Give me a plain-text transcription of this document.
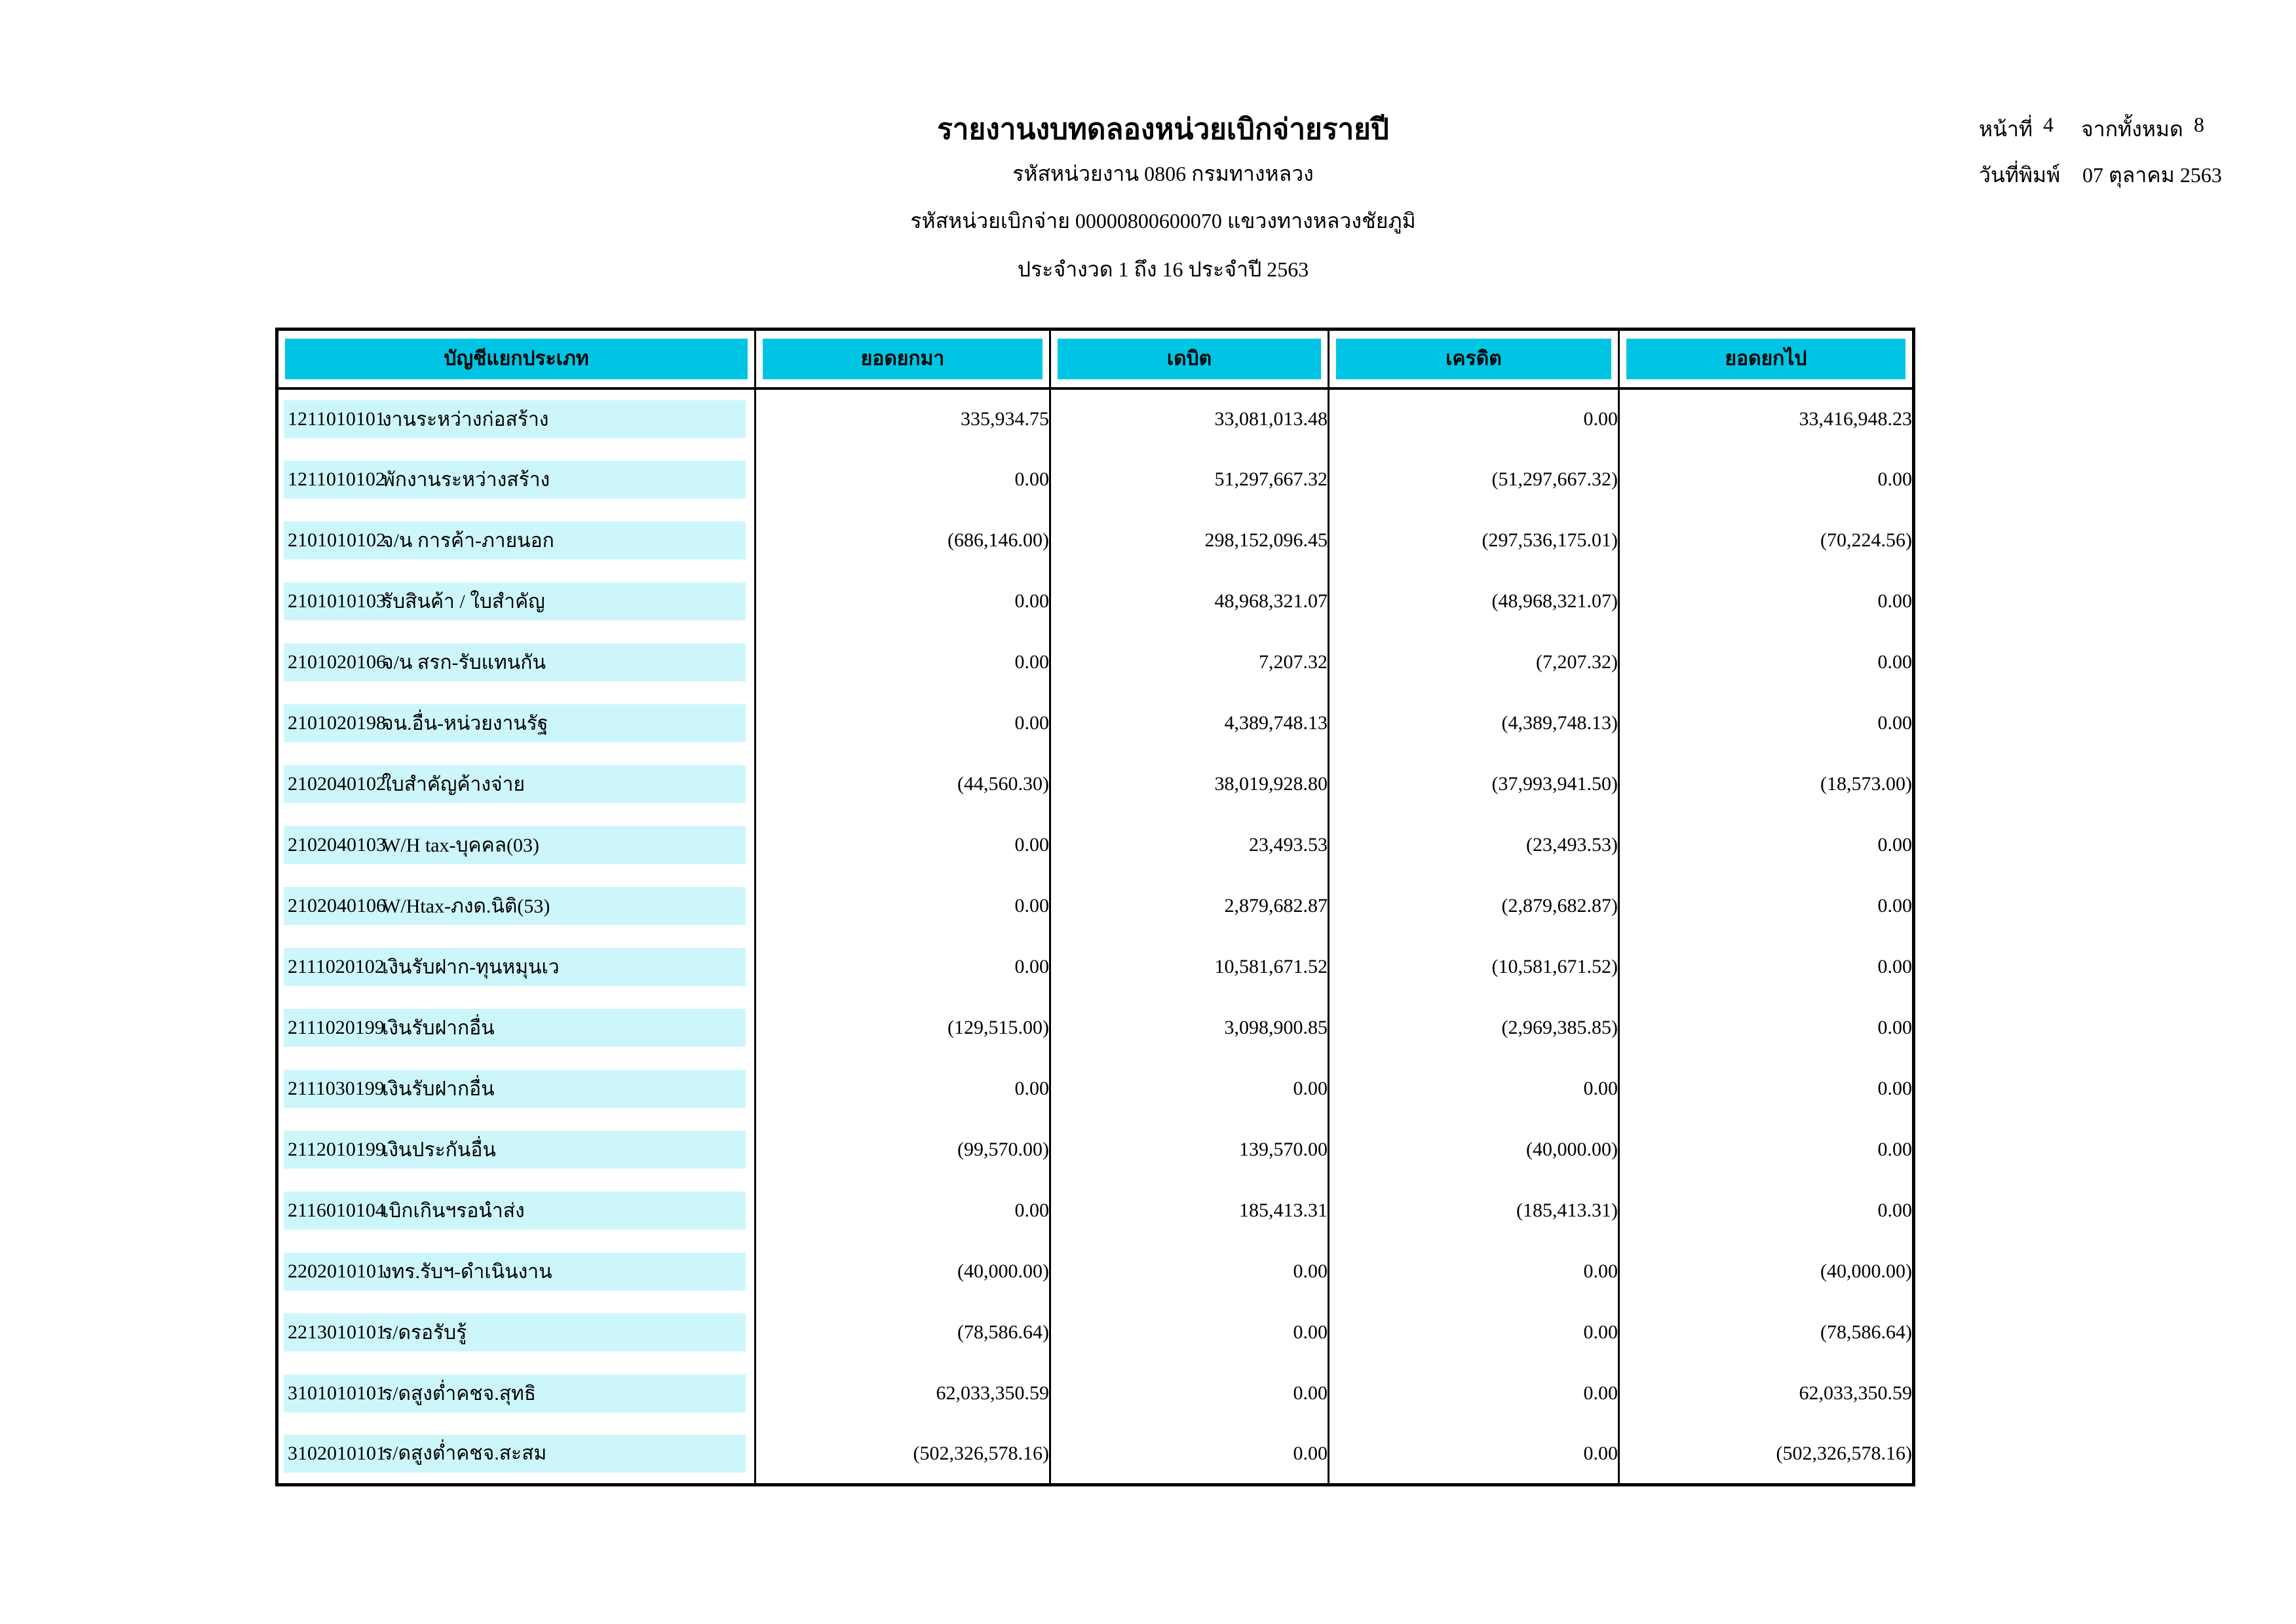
รายงานงบทดลองหน่วยเบิกจ่ายรายปี
รหัสหน่วยงาน 0806 กรมทางหลวง
รหัสหน่วยเบิกจ่าย 00000800600070 แขวงทางหลวงชัยภูมิ
ประจำงวด 1 ถึง 16 ประจำปี 2563
หน้าที่ 4 จากทั้งหมด 8
วันที่พิมพ์ 07 ตุลาคม 2563
บัญชีแยกประเภท	ยอดยกมา	เดบิต	เครดิต	ยอดยกไป

1211010101
งานระหว่างก่อสร้าง	335,934.75	33,081,013.48	0.00	33,416,948.23

1211010102
พักงานระหว่างสร้าง	0.00	51,297,667.32	(51,297,667.32)	0.00

2101010102
จ/น การค้า-ภายนอก	(686,146.00)	298,152,096.45	(297,536,175.01)	(70,224.56)

2101010103
รับสินค้า / ใบสำคัญ	0.00	48,968,321.07	(48,968,321.07)	0.00

2101020106
จ/น สรก-รับแทนกัน	0.00	7,207.32	(7,207.32)	0.00

2101020198
จน.อื่น-หน่วยงานรัฐ	0.00	4,389,748.13	(4,389,748.13)	0.00

2102040102
ใบสำคัญค้างจ่าย	(44,560.30)	38,019,928.80	(37,993,941.50)	(18,573.00)

2102040103
W/H tax-บุคคล(03)	0.00	23,493.53	(23,493.53)	0.00

2102040106
W/Htax-ภงด.นิติ(53)	0.00	2,879,682.87	(2,879,682.87)	0.00

2111020102
เงินรับฝาก-ทุนหมุนเว	0.00	10,581,671.52	(10,581,671.52)	0.00

2111020199
เงินรับฝากอื่น	(129,515.00)	3,098,900.85	(2,969,385.85)	0.00

2111030199
เงินรับฝากอื่น	0.00	0.00	0.00	0.00

2112010199
เงินประกันอื่น	(99,570.00)	139,570.00	(40,000.00)	0.00

2116010104
เบิกเกินฯรอนำส่ง	0.00	185,413.31	(185,413.31)	0.00

2202010101
งทร.รับฯ-ดำเนินงาน	(40,000.00)	0.00	0.00	(40,000.00)

2213010101
ร/ดรอรับรู้	(78,586.64)	0.00	0.00	(78,586.64)

3101010101
ร/ดสูงต่ำคชจ.สุทธิ	62,033,350.59	0.00	0.00	62,033,350.59

3102010101
ร/ดสูงต่ำคชจ.สะสม	(502,326,578.16)	0.00	0.00	(502,326,578.16)
